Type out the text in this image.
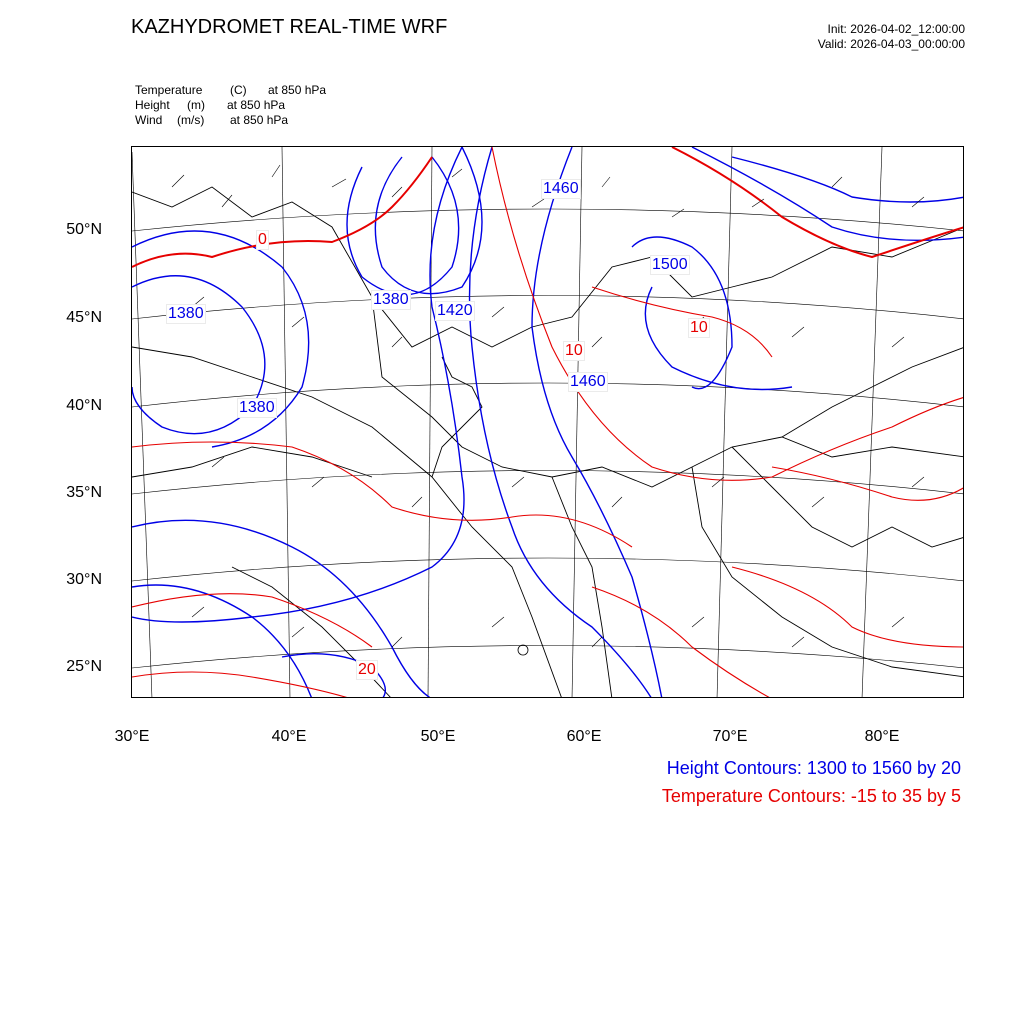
KAZHYDROMET REAL-TIME WRF	Init: 2026-04-02_12:00:00
Valid: 2026-04-03_00:00:00
Temperature (C) at 850 hPa
Height (m) at 850 hPa
Wind (m/s) at 850 hPa
1460
1500
1380
1420
1380
1460
1380
0
10
10
20
50°N
45°N
40°N
35°N
30°N
25°N
30°E	40°E	50°E	60°E	70°E	80°E
Height Contours: 1300 to 1560 by 20
Temperature Contours: -15 to 35 by 5
